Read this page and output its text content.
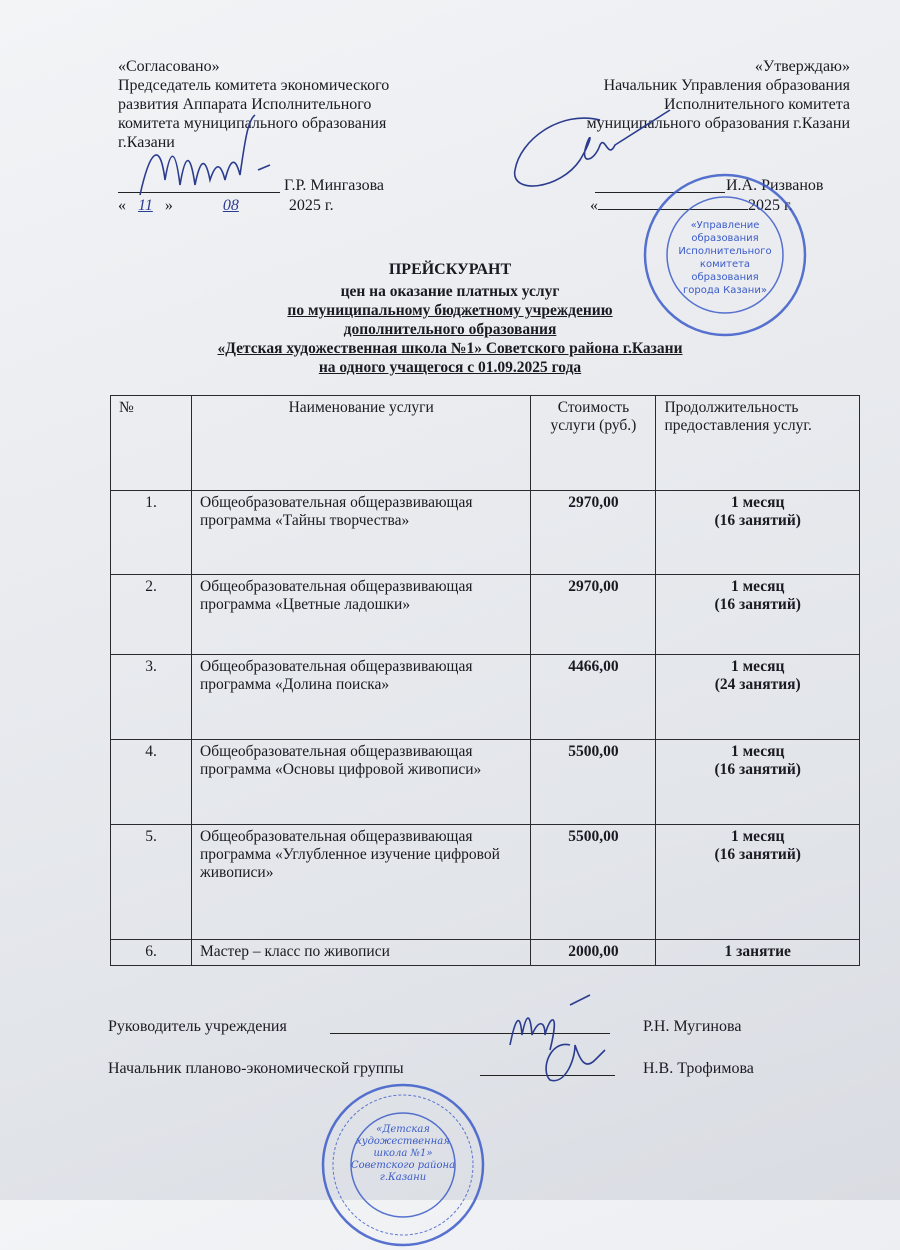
«Согласовано»
Председатель комитета экономического
развития Аппарата Исполнительного
комитета муниципального образования
г.Казани
Г.Р. Мингазова
« 11 »	08	2025 г.
«Утверждаю»
Начальник Управления образования
Исполнительного комитета
муниципального образования г.Казани
И.А. Ризванов
«	2025 г.
«Управление
образования
Исполнительного
комитета
образования
города Казани»
ПРЕЙСКУРАНТ
цен на оказание платных услуг
по муниципальному бюджетному учреждению
дополнительного образования
«Детская художественная школа №1» Советского района г.Казани
на одного учащегося с 01.09.2025 года
№	Наименование услуги	Стоимость услуги (руб.)	Продолжительность предоставления услуг.
1.	Общеобразовательная общеразвивающая программа «Тайны творчества»	2970,00	1 месяц
(16 занятий)

2.	Общеобразовательная общеразвивающая программа «Цветные ладошки»	2970,00	1 месяц
(16 занятий)

3.	Общеобразовательная общеразвивающая программа «Долина поиска»	4466,00	1 месяц
(24 занятия)

4.	Общеобразовательная общеразвивающая программа «Основы цифровой живописи»	5500,00	1 месяц
(16 занятий)

5.	Общеобразовательная общеразвивающая программа «Углубленное изучение цифровой живописи»	5500,00	1 месяц
(16 занятий)

6.	Мастер – класс по живописи	2000,00	1 занятие
Руководитель учреждения	Р.Н. Мугинова
Начальник планово-экономической группы	Н.В. Трофимова
«Детская
художественная
школа №1»
Советского района
г.Казани
